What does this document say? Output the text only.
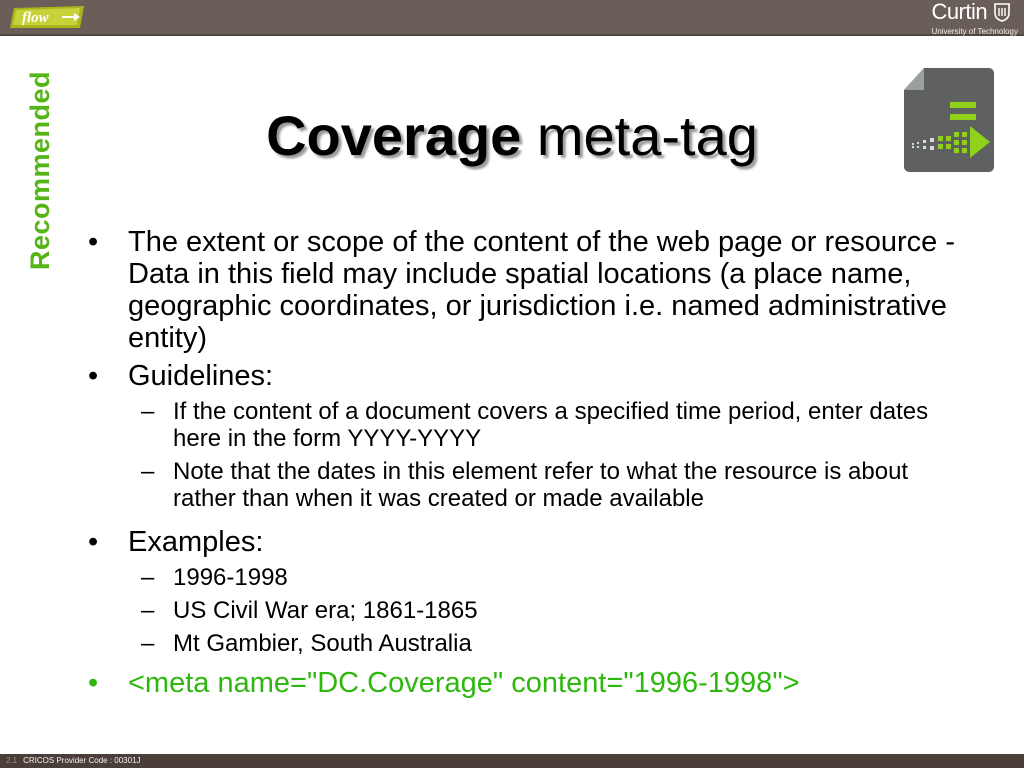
flow	Curtin
University of Technology
Recommended	Coverage meta-tag
• The extent or scope of the content of the web page or resource - Data in this field may include spatial locations (a place name, geographic coordinates, or jurisdiction i.e. named administrative entity)
• Guidelines:
– If the content of a document covers a specified time period, enter dates here in the form YYYY-YYYY
– Note that the dates in this element refer to what the resource is about rather than when it was created or made available
• Examples:
– 1996-1998
– US Civil War era; 1861-1865
– Mt Gambier, South Australia
• <meta name="DC.Coverage" content="1996-1998">
2.1 CRICOS Provider Code : 00301J
